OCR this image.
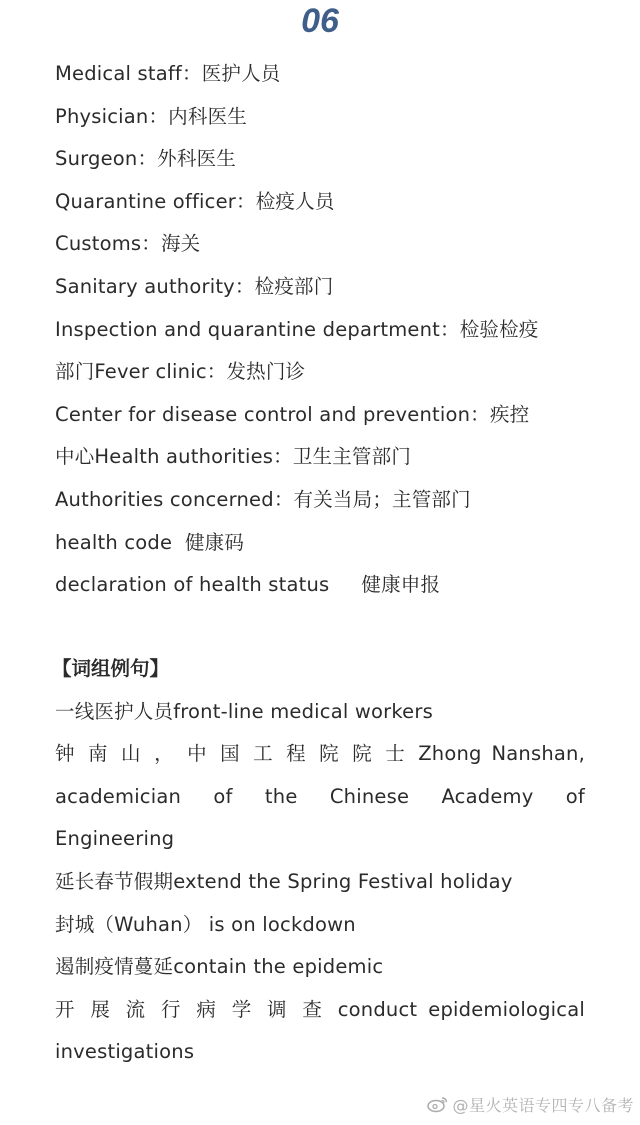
06
Medical staff：医护人员
Physician：内科医生
Surgeon：外科医生
Quarantine officer：检疫人员
Customs：海关
Sanitary authority：检疫部门
Inspection and quarantine department：检验检疫
部门Fever clinic：发热门诊
Center for disease control and prevention：疾控
中心Health authorities：卫生主管部门
Authorities concerned：有关当局；主管部门
health code  健康码
declaration of health status     健康申报
【词组例句】
一线医护人员front-line medical workers
钟 南 山 ， 中 国 工 程 院 院 士 Zhong Nanshan,
academician of the Chinese Academy of
Engineering
延长春节假期extend the Spring Festival holiday
封城（Wuhan） is on lockdown
遏制疫情蔓延contain the epidemic
开 展 流 行 病 学 调 查 conduct epidemiological
investigations
@星火英语专四专八备考
